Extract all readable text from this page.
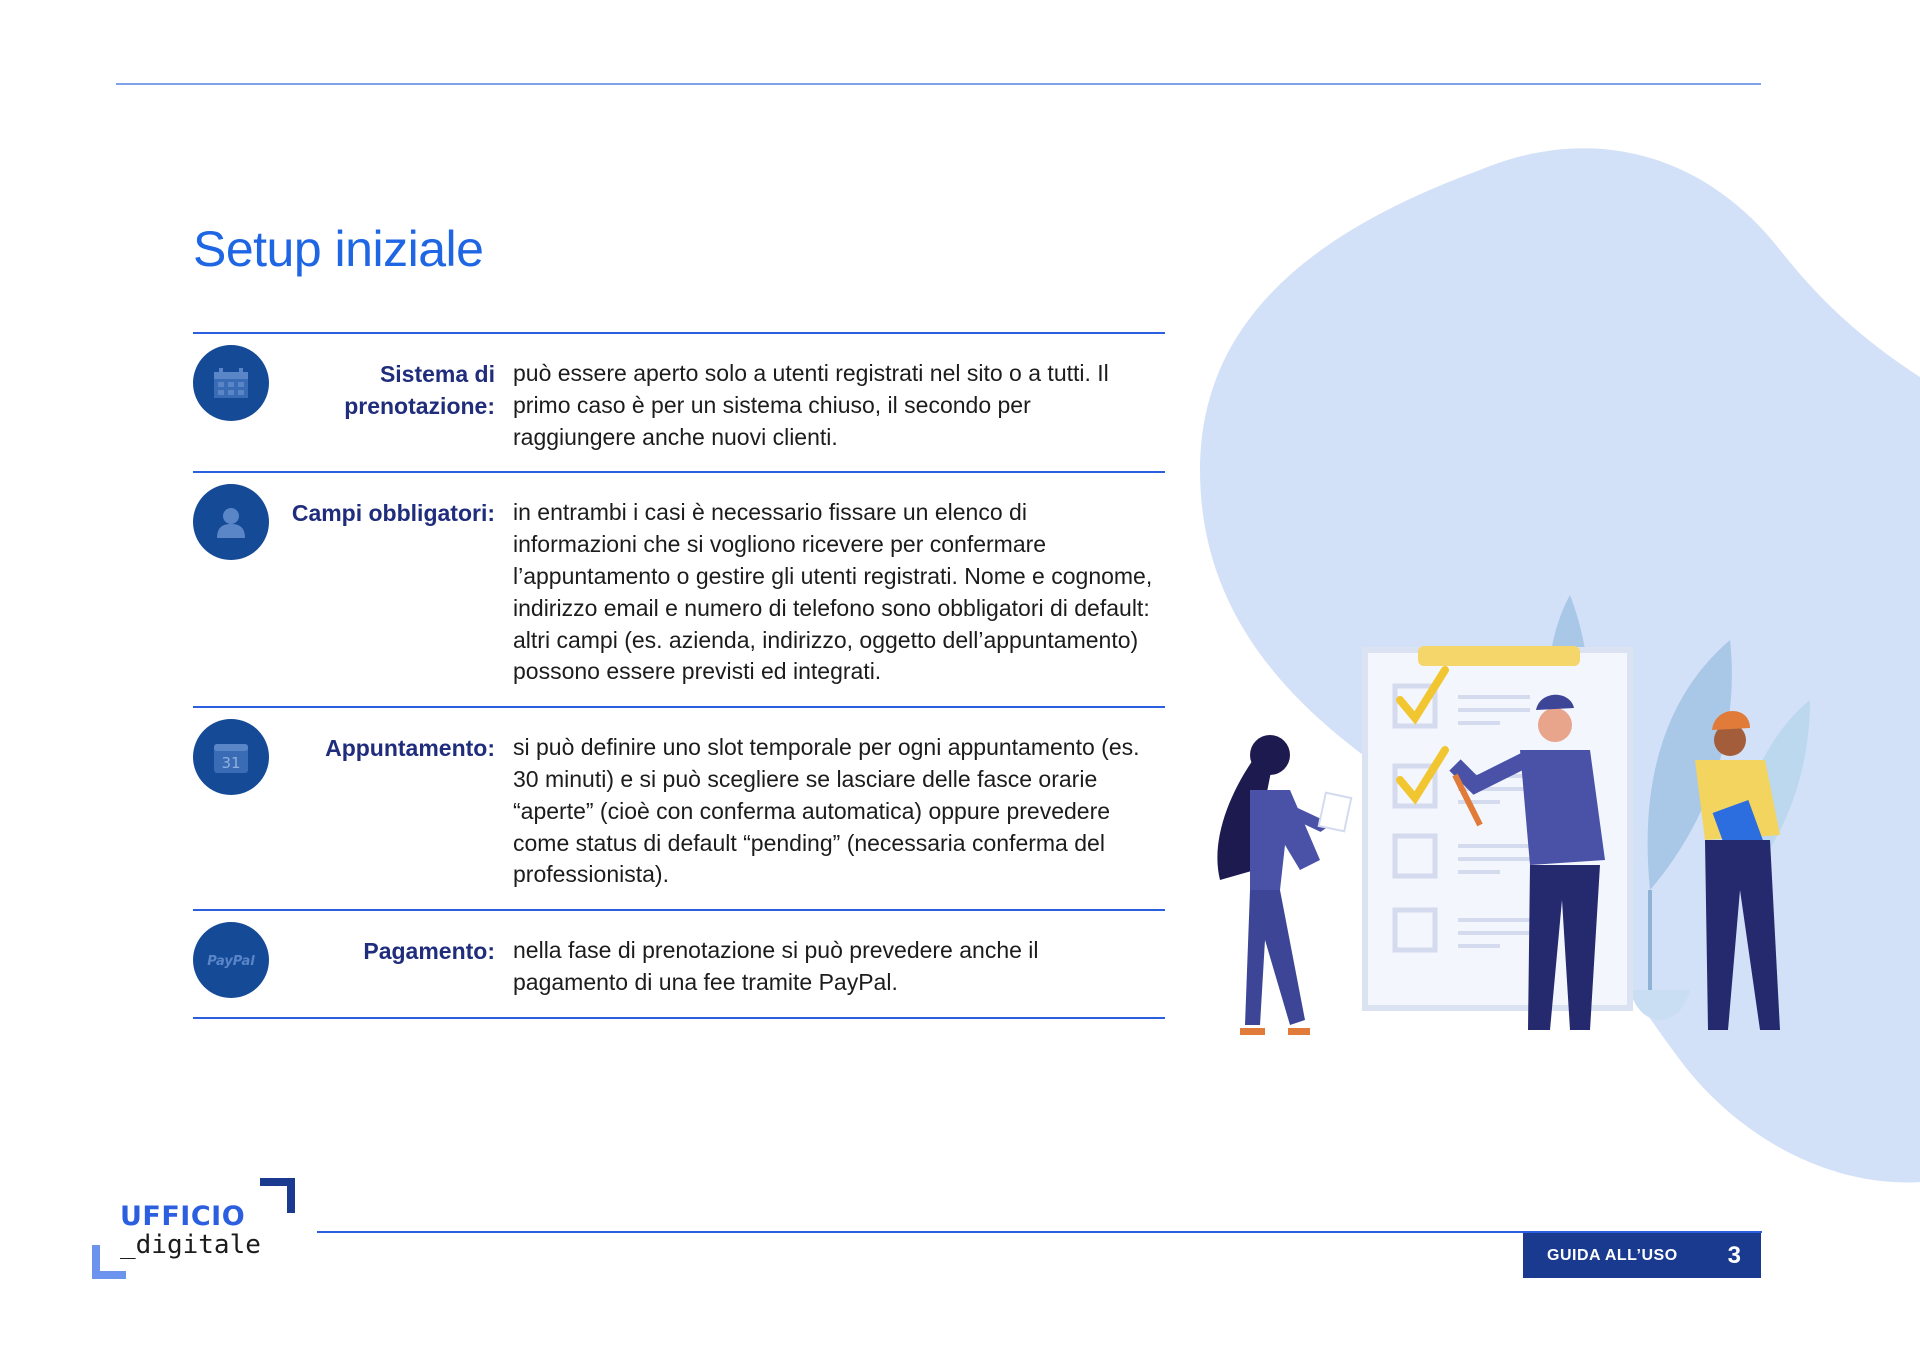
Setup iniziale
Sistema di prenotazione:
può essere aperto solo a utenti registrati nel sito o a tutti. Il primo caso è per un sistema chiuso, il secondo per raggiungere anche nuovi clienti.
Campi obbligatori: in entrambi i casi è necessario fissare un elenco di informazioni che si vogliono ricevere per confermare l’appuntamento o gestire gli utenti registrati. Nome e cognome, indirizzo email e numero di telefono sono obbligatori di default: altri campi (es. azienda, indirizzo, oggetto dell’appuntamento) possono essere previsti ed integrati.
31
Appuntamento: si può definire uno slot temporale per ogni appuntamento (es. 30 minuti) e si può scegliere se lasciare delle fasce orarie “aperte” (cioè con conferma automatica) oppure prevedere come status di default “pending” (necessaria conferma del professionista).
PayPal	Pagamento: nella fase di prenotazione si può prevedere anche il pagamento di una fee tramite PayPal.
UFFICIO
_digitale	GUIDA ALL’USO 3
